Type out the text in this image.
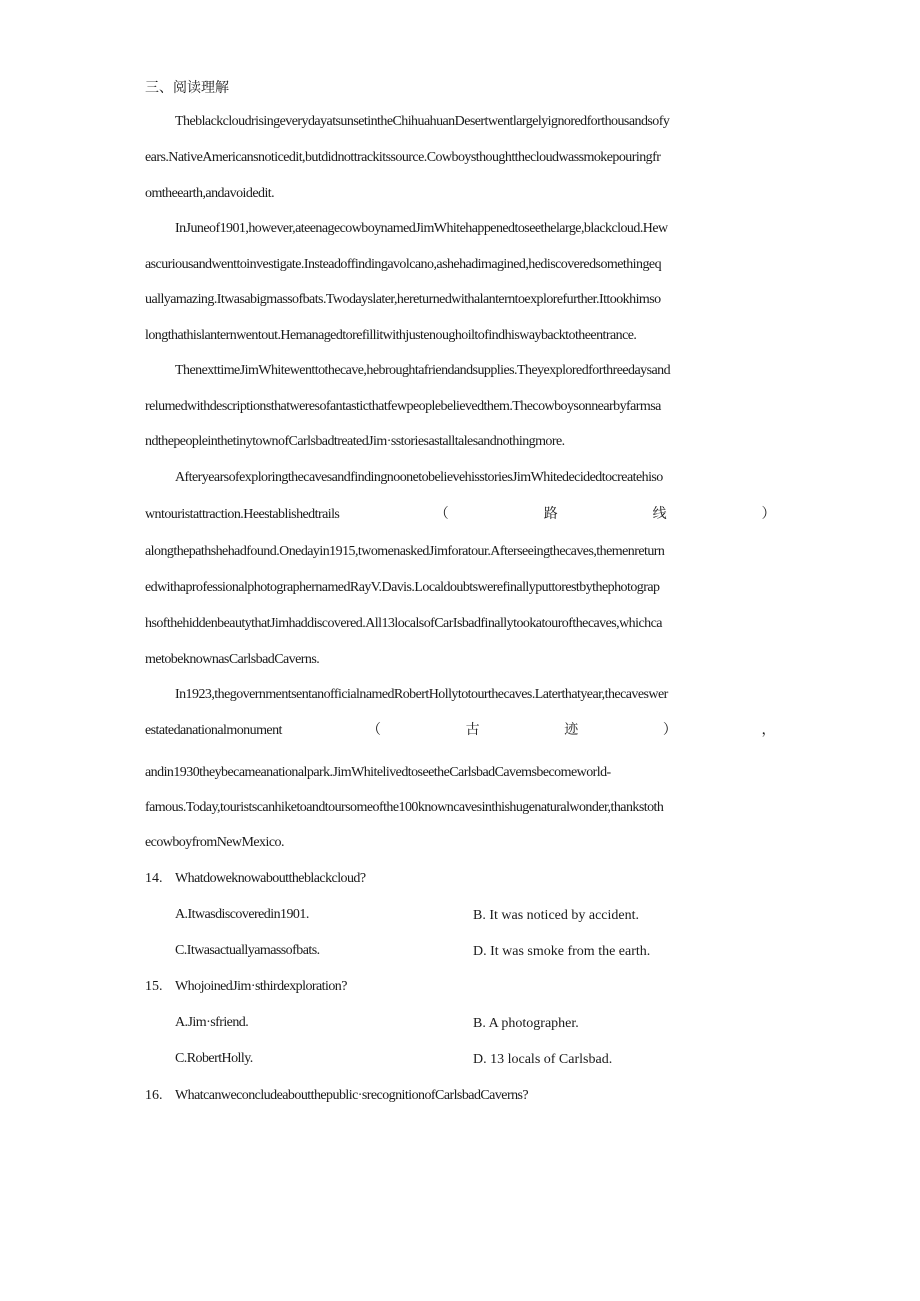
三、阅读理解
TheblackcloudrisingeverydayatsunsetintheChihuahuanDesertwentlargelyignoredforthousandsofy
ears.NativeAmericansnoticedit,butdidnottrackitssource.Cowboysthoughtthecloudwassmokepouringfr
omtheearth,andavoidedit.
InJuneof1901,however,ateenagecowboynamedJimWhitehappenedtoseethelarge,blackcloud.Hew
ascuriousandwenttoinvestigate.Insteadoffindingavolcano,ashehadimagined,hediscoveredsomethingeq
uallyamazing.Itwasabigmassofbats.Twodayslater,hereturnedwithalanterntoexplorefurther.Ittookhimso
longthathislanternwentout.Hemanagedtorefillitwithjustenoughoiltofindhiswaybacktotheentrance.
ThenexttimeJimWhitewenttothecave,hebroughtafriendandsupplies.Theyexploredforthreedaysand
relumedwithdescriptionsthatweresofantasticthatfewpeoplebelievedthem.Thecowboysonnearbyfarmsa
ndthepeopleinthetinytownofCarlsbadtreatedJim·sstoriesastalltalesandnothingmore.
AfteryearsofexploringthecavesandfindingnoonetobelievehisstoriesJimWhitedecidedtocreatehiso
wntouristattraction.Heestablishedtrails	（	路	线	）
alongthepathshehadfound.Onedayin1915,twomenaskedJimforatour.Afterseeingthecaves,themenreturn
edwithaprofessionalphotographernamedRayV.Davis.Localdoubtswerefinallyputtorestbythephotograp
hsofthehiddenbeautythatJimhaddiscovered.All13localsofCarIsbadfinallytookatourofthecaves,whichca
metobeknownasCarlsbadCaverns.
In1923,thegovernmentsentanofficialnamedRobertHollytotourthecaves.Laterthatyear,thecaveswer
estatedanationalmonument	（	古	迹	）	，
andin1930theybecameanationalpark.JimWhitelivedtoseetheCarlsbadCavemsbecomeworld-
famous.Today,touristscanhiketoandtoursomeofthe100knowncavesinthishugenaturalwonder,thankstoth
ecowboyfromNewMexico.
14. Whatdoweknowabouttheblackcloud?
A.Itwasdiscoveredin1901.	B. It was noticed by accident.
C.Itwasactuallyamassofbats.	D. It was smoke from the earth.
15. WhojoinedJim·sthirdexploration?
A.Jim·sfriend.	B. A photographer.
C.RobertHolly.	D. 13 locals of Carlsbad.
16. Whatcanweconcludeaboutthepublic·srecognitionofCarlsbadCaverns?
